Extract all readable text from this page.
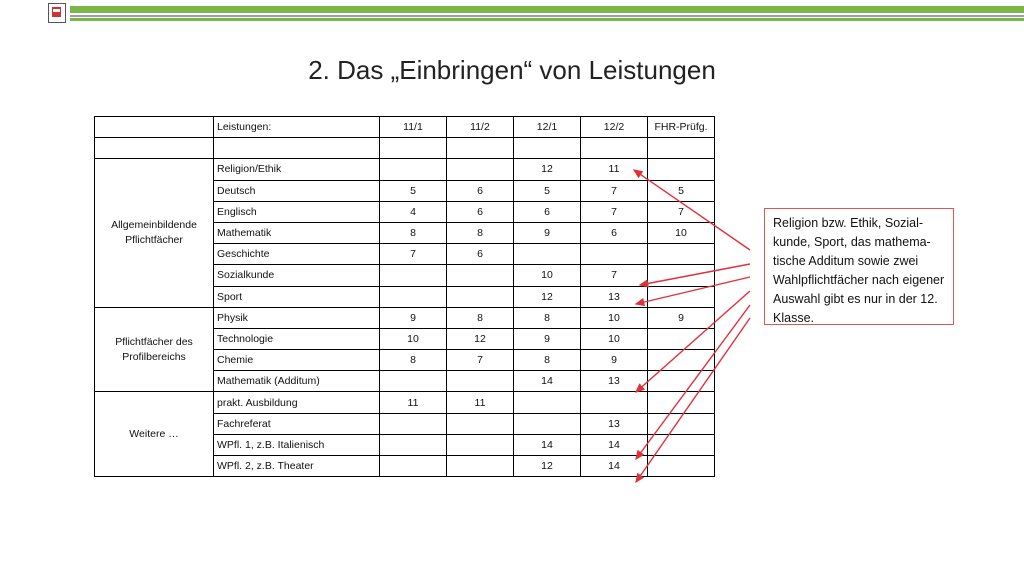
2. Das „Einbringen“ von Leistungen
	Leistungen:	11/1	11/2	12/1	12/2	FHR-Prüfg.

Allgemeinbildende Pflichtfächer	Religion/Ethik			12	11	
	Deutsch	5	6	5	7	5
	Englisch	4	6	6	7	7
	Mathematik	8	8	9	6	10
	Geschichte	7	6			
	Sozialkunde			10	7	
	Sport			12	13	
Pflichtfächer des Profilbereichs	Physik	9	8	8	10	9
	Technologie	10	12	9	10	
	Chemie	8	7	8	9	
	Mathematik (Additum)			14	13	
Weitere …	prakt. Ausbildung	11	11			
	Fachreferat				13	
	WPfl. 1, z.B. Italienisch			14	14	
	WPfl. 2, z.B. Theater			12	14	
Religion bzw. Ethik, Sozial-kunde, Sport, das mathema-tische Additum sowie zwei Wahlpflichtfächer nach eigener Auswahl gibt es nur in der 12. Klasse.
